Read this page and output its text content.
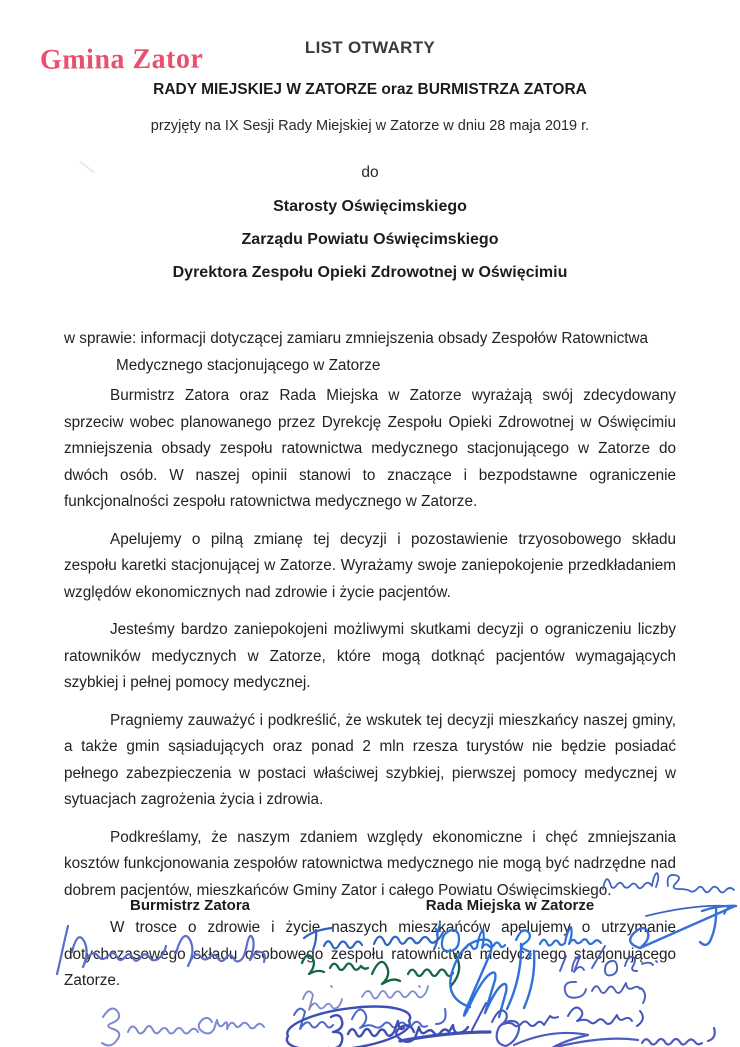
Gmina Zator	LIST OTWARTY
RADY MIEJSKIEJ W ZATORZE oraz BURMISTRZA ZATORA
przyjęty na IX Sesji Rady Miejskiej w Zatorze w dniu 28 maja 2019 r.
do
Starosty Oświęcimskiego
Zarządu Powiatu Oświęcimskiego
Dyrektora Zespołu Opieki Zdrowotnej w Oświęcimiu
w sprawie: informacji dotyczącej zamiaru zmniejszenia obsady Zespołów Ratownictwa
Medycznego stacjonującego w Zatorze

Burmistrz Zatora oraz Rada Miejska w Zatorze wyrażają swój zdecydowany sprzeciw wobec planowanego przez Dyrekcję Zespołu Opieki Zdrowotnej w Oświęcimiu zmniejszenia obsady zespołu ratownictwa medycznego stacjonującego w Zatorze do dwóch osób. W naszej opinii stanowi to znaczące i bezpodstawne ograniczenie funkcjonalności zespołu ratownictwa medycznego w Zatorze.

Apelujemy o pilną zmianę tej decyzji i pozostawienie trzyosobowego składu zespołu karetki stacjonującej w Zatorze. Wyrażamy swoje zaniepokojenie przedkładaniem względów ekonomicznych nad zdrowie i życie pacjentów.

Jesteśmy bardzo zaniepokojeni możliwymi skutkami decyzji o ograniczeniu liczby ratowników medycznych w Zatorze, które mogą dotknąć pacjentów wymagających szybkiej i pełnej pomocy medycznej.

Pragniemy zauważyć i podkreślić, że wskutek tej decyzji mieszkańcy naszej gminy, a także gmin sąsiadujących oraz ponad 2 mln rzesza turystów nie będzie posiadać pełnego zabezpieczenia w postaci właściwej szybkiej, pierwszej pomocy medycznej w sytuacjach zagrożenia życia i zdrowia.

Podkreślamy, że naszym zdaniem względy ekonomiczne i chęć zmniejszania kosztów funkcjonowania zespołów ratownictwa medycznego nie mogą być nadrzędne nad dobrem pacjentów, mieszkańców Gminy Zator i całego Powiatu Oświęcimskiego.

W trosce o zdrowie i życie naszych mieszkańców apelujemy o utrzymanie dotychczasowego składu osobowego zespołu ratownictwa medycznego stacjonującego Zatorze.

Burmistrz Zatora	Rada Miejska w Zatorze
